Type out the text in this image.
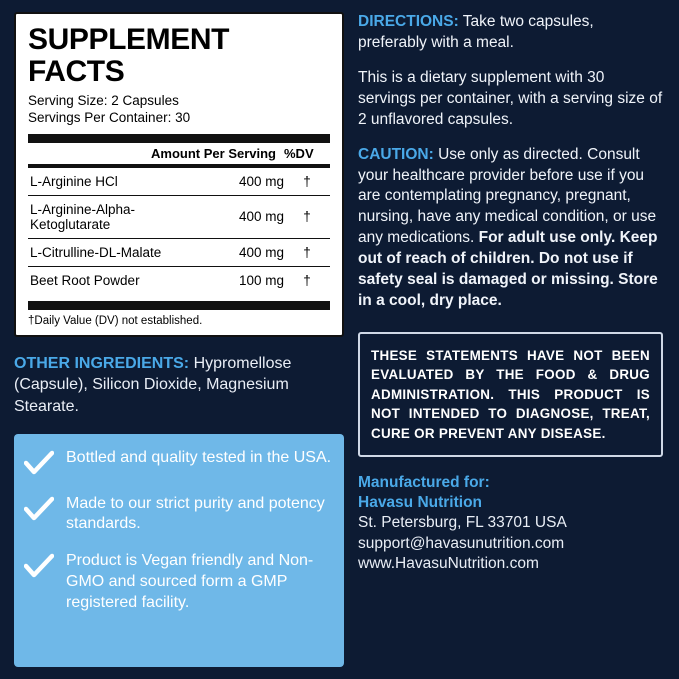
SUPPLEMENT FACTS
Serving Size: 2 Capsules
Servings Per Container: 30
Amount Per Serving %DV
L-Arginine HCl	400 mg	†
L-Arginine-Alpha-Ketoglutarate	400 mg	†
L-Citrulline-DL-Malate	400 mg	†
Beet Root Powder	100 mg	†
†Daily Value (DV) not established.
OTHER INGREDIENTS: Hypromellose (Capsule), Silicon Dioxide, Magnesium Stearate.
Bottled and quality tested in the USA.
Made to our strict purity and potency standards.
Product is Vegan friendly and Non-GMO and sourced form a GMP registered facility.
DIRECTIONS: Take two capsules, preferably with a meal.
This is a dietary supplement with 30 servings per container, with a serving size of 2 unflavored capsules.
CAUTION: Use only as directed. Consult your healthcare provider before use if you are contemplating pregnancy, pregnant, nursing, have any medical condition, or use any medications. For adult use only. Keep out of reach of children. Do not use if safety seal is damaged or missing. Store in a cool, dry place.

THESE STATEMENTS HAVE NOT BEEN EVALUATED BY THE FOOD & DRUG ADMINISTRATION. THIS PRODUCT IS NOT INTENDED TO DIAGNOSE, TREAT, CURE OR PREVENT ANY DISEASE.

Manufactured for:
Havasu Nutrition
St. Petersburg, FL 33701 USA
support@havasunutrition.com
www.HavasuNutrition.com
